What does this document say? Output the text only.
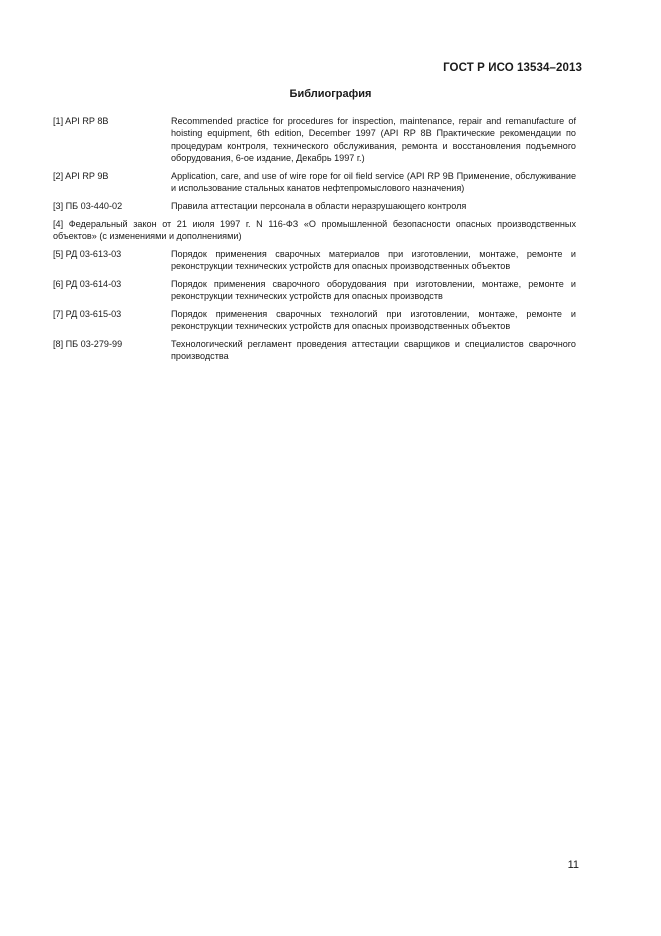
ГОСТ Р ИСО 13534–2013
Библиография
[1] API RP 8B	Recommended practice for procedures for inspection, maintenance, repair and remanufacture of hoisting equipment, 6th edition, December 1997 (API RP 8B Практические рекомендации по процедурам контроля, технического обслуживания, ремонта и восстановления подъемного оборудования, 6-ое издание, Декабрь 1997 г.)
[2] API RP 9B	Application, care, and use of wire rope for oil field service (API RP 9B Применение, обслуживание и использование стальных канатов нефтепромыслового назначения)
[3] ПБ 03-440-02	Правила аттестации персонала в области неразрушающего контроля
[4] Федеральный закон от 21 июля 1997 г. N 116-ФЗ «О промышленной безопасности опасных производственных объектов» (с изменениями и дополнениями)
[5] РД 03-613-03	Порядок применения сварочных материалов при изготовлении, монтаже, ремонте и реконструкции технических устройств для опасных производственных объектов
[6] РД 03-614-03	Порядок применения сварочного оборудования при изготовлении, монтаже, ремонте и реконструкции технических устройств для опасных производств
[7] РД 03-615-03	Порядок применения сварочных технологий при изготовлении, монтаже, ремонте и реконструкции технических устройств для опасных производственных объектов
[8] ПБ 03-279-99	Технологический регламент проведения аттестации сварщиков и специалистов сварочного производства
11
